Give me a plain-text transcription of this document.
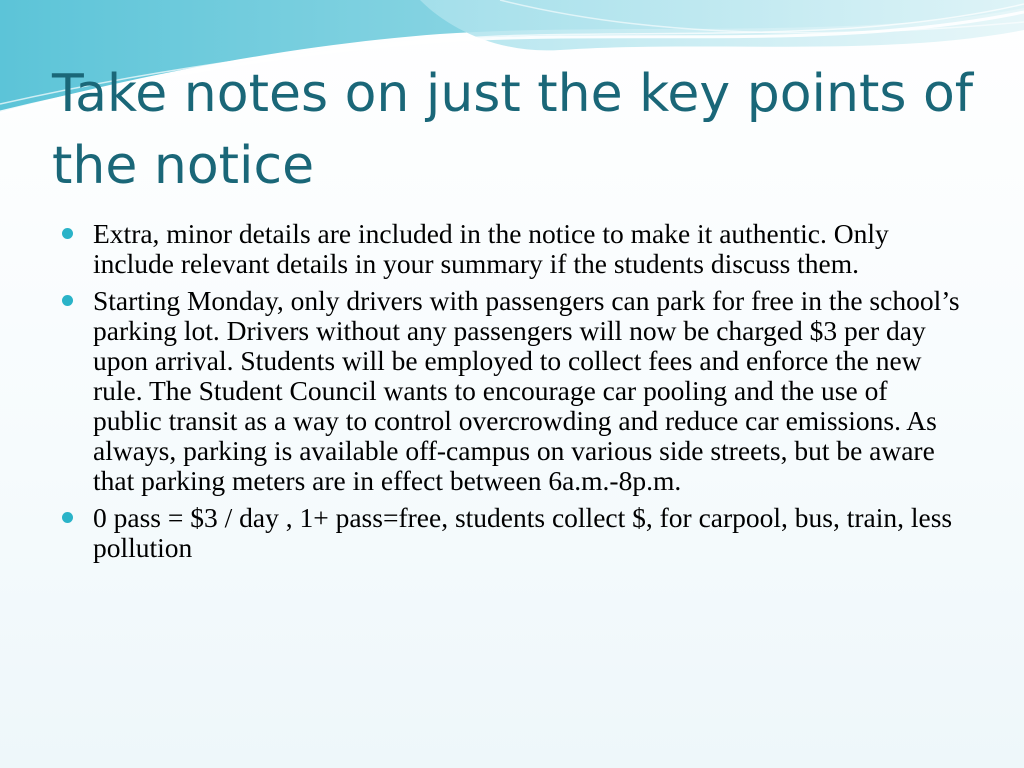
Take notes on just the key points of the notice
Extra, minor details are included in the notice to make it authentic. Only include relevant details in your summary if the students discuss them.
Starting Monday, only drivers with passengers can park for free in the school’s parking lot. Drivers without any passengers will now be charged $3 per day upon arrival. Students will be employed to collect fees and enforce the new rule. The Student Council wants to encourage car pooling and the use of public transit as a way to control overcrowding and reduce car emissions. As always, parking is available off-campus on various side streets, but be aware that parking meters are in effect between 6a.m.-8p.m.
0 pass = $3 / day , 1+ pass=free, students collect $, for carpool, bus, train, less pollution
